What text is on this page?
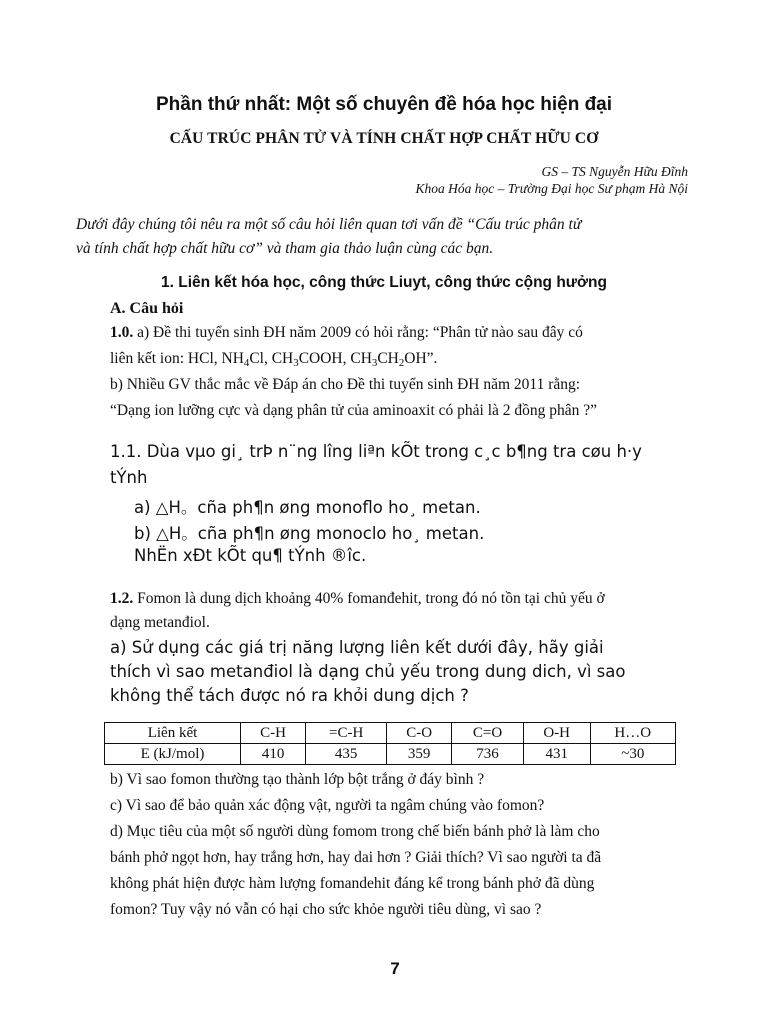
Phần thứ nhất: Một số chuyên đề hóa học hiện đại
CẤU TRÚC PHÂN TỬ VÀ TÍNH CHẤT HỢP CHẤT HỮU CƠ
GS – TS Nguyễn Hữu Đĩnh
Khoa Hóa học – Trường Đại học Sư phạm Hà Nội
Dưới đây chúng tôi nêu ra một số câu hỏi liên quan tơi vấn đề “Cấu trúc phân tử
và tính chất hợp chất hữu cơ” và tham gia thảo luận cùng các bạn.
1. Liên kết hóa học, công thức Liuyt, công thức cộng hưởng
A. Câu hỏi
1.0. a) Đề thi tuyển sinh ĐH năm 2009 có hỏi rằng: “Phân tử nào sau đây có
liên kết ion: HCl, $NH_4Cl$, $CH_3COOH$, $CH_3CH_2OH$”.
b) Nhiều GV thắc mắc về Đáp án cho Đề thi tuyển sinh ĐH năm 2011 rằng:
“Dạng ion lưỡng cực và dạng phân tử của aminoaxit có phải là 2 đồng phân ?”
1.1. Dùa vµo gi¸ trÞ n¨ng lîng liªn kÕt trong c¸c b¶ng tra cøu h·y
tÝnh
a) △H。cña ph¶n øng monoflo ho¸ metan.
b) △H。cña ph¶n øng monoclo ho¸ metan.
NhËn xÐt kÕt qu¶ tÝnh ®îc.
1.2. Fomon là dung dịch khoảng 40% fomanđehit, trong đó nó tồn tại chủ yếu ở
dạng metanđiol.
a) Sử dụng các giá trị năng lượng liên kết dưới đây, hãy giải
thích vì sao metanđiol là dạng chủ yếu trong dung dich, vì sao
không thể tách được nó ra khỏi dung dịch ?
Liên kết	C-H	=C-H	C-O	C=O	O-H	H…O
E (kJ/mol)	410	435	359	736	431	~30
b) Vì sao fomon thường tạo thành lớp bột trắng ở đáy bình ?
c) Vì sao để bảo quản xác động vật, người ta ngâm chúng vào fomon?
d) Mục tiêu của một số người dùng fomom trong chế biến bánh phở là làm cho
bánh phở ngọt hơn, hay trắng hơn, hay dai hơn ? Giải thích? Vì sao người ta đã
không phát hiện được hàm lượng fomandehit đáng kể trong bánh phở đã dùng
fomon? Tuy vậy nó vẫn có hại cho sức khỏe người tiêu dùng, vì sao ?
7
